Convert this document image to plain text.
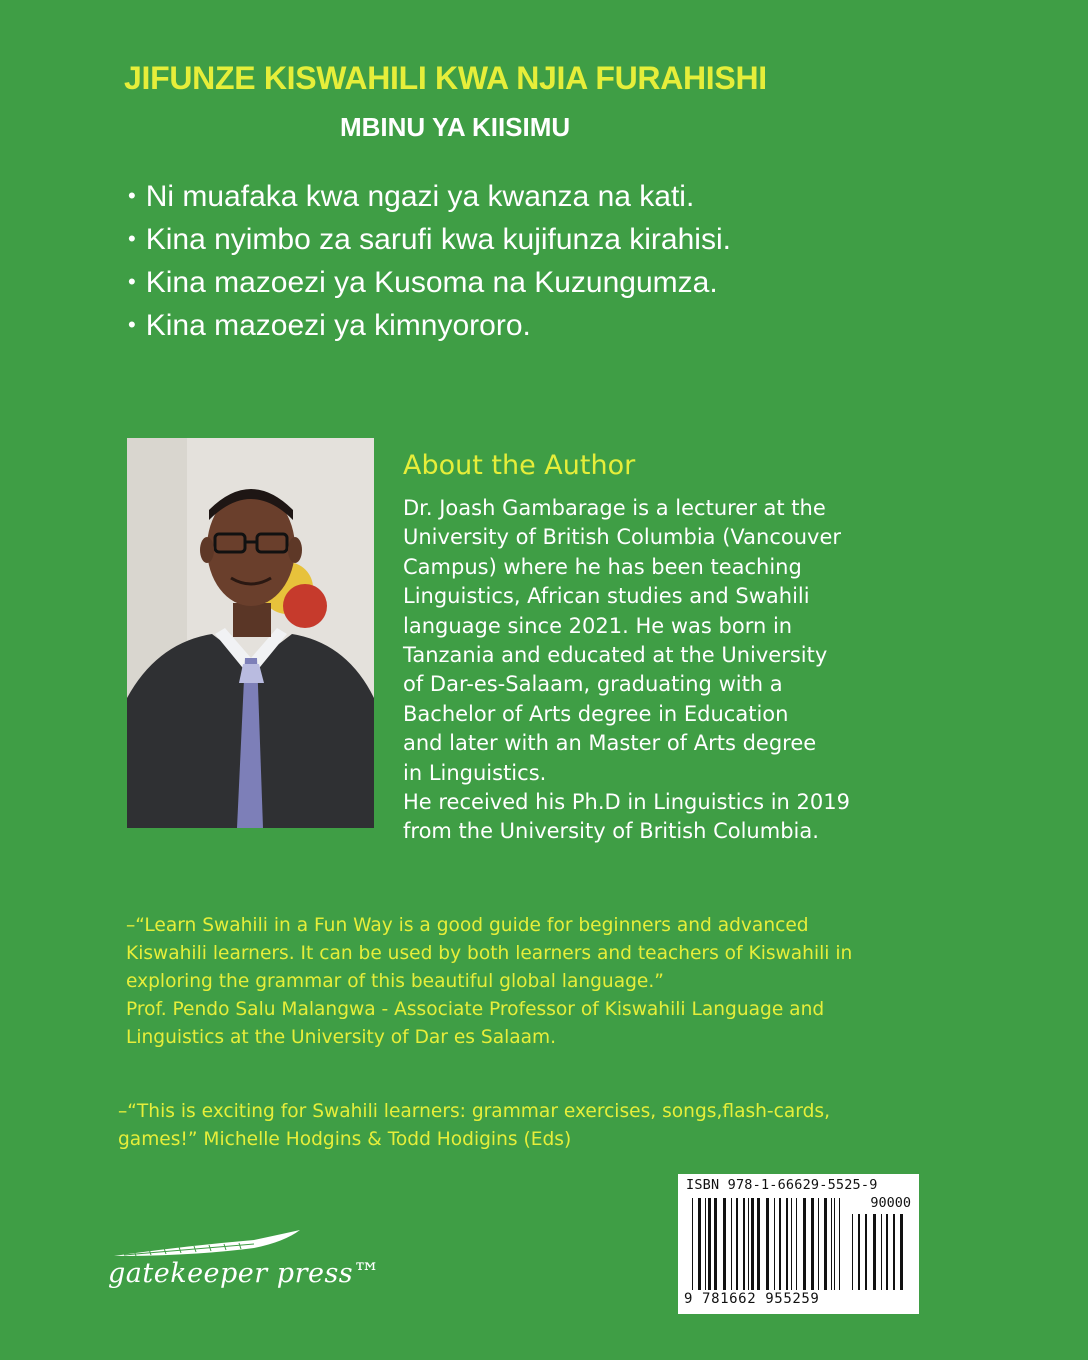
JIFUNZE KISWAHILI KWA NJIA FURAHISHI
MBINU YA KIISIMU
• Ni muafaka kwa ngazi ya kwanza na kati.
• Kina nyimbo za sarufi kwa kujifunza kirahisi.
• Kina mazoezi ya Kusoma na Kuzungumza.
• Kina mazoezi ya kimnyororo.
About the Author
Dr. Joash Gambarage is a lecturer at the
University of British Columbia (Vancouver
Campus) where he has been teaching
Linguistics, African studies and Swahili
language since 2021. He was born in
Tanzania and educated at the University
of Dar-es-Salaam, graduating with a
Bachelor of Arts degree in Education
and later with an Master of Arts degree
in Linguistics.
He received his Ph.D in Linguistics in 2019
from the University of British Columbia.
–“Learn Swahili in a Fun Way is a good guide for beginners and advanced
Kiswahili learners. It can be used by both learners and teachers of Kiswahili in
exploring the grammar of this beautiful global language.”
Prof. Pendo Salu Malangwa - Associate Professor of Kiswahili Language and
Linguistics at the University of Dar es Salaam.
–“This is exciting for Swahili learners: grammar exercises, songs,flash-cards,
games!” Michelle Hodgins & Todd Hodigins (Eds)
ISBN 978-1-66629-5525-9
90000
9 781662 955259
gatekeeper press™
